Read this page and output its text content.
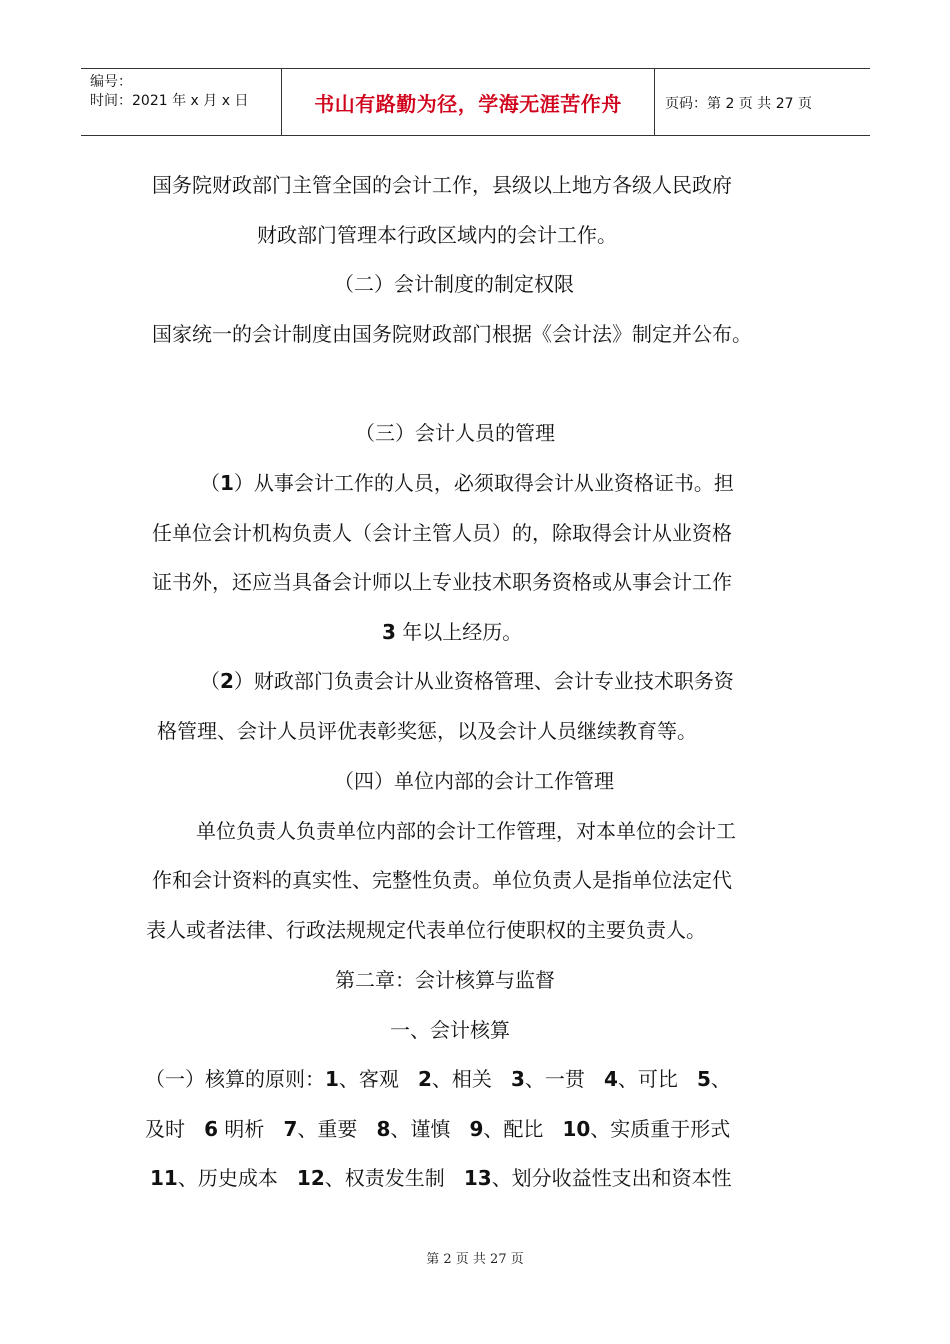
编号：
时间：2021 年 x 月 x 日	书山有路勤为径，学海无涯苦作舟	页码：第 2 页 共 27 页
国务院财政部门主管全国的会计工作，县级以上地方各级人民政府
财政部门管理本行政区域内的会计工作。
（二）会计制度的制定权限
国家统一的会计制度由国务院财政部门根据《会计法》制定并公布。
（三）会计人员的管理
（1）从事会计工作的人员，必须取得会计从业资格证书。担
任单位会计机构负责人（会计主管人员）的，除取得会计从业资格
证书外，还应当具备会计师以上专业技术职务资格或从事会计工作
3 年以上经历。
（2）财政部门负责会计从业资格管理、会计专业技术职务资
格管理、会计人员评优表彰奖惩，以及会计人员继续教育等。
（四）单位内部的会计工作管理
单位负责人负责单位内部的会计工作管理，对本单位的会计工
作和会计资料的真实性、完整性负责。单位负责人是指单位法定代
表人或者法律、行政法规规定代表单位行使职权的主要负责人。
第二章：会计核算与监督
一、会计核算
（一）核算的原则：1、客观   2、相关   3、一贯   4、可比   5、
及时   6 明析   7、重要   8、谨慎   9、配比   10、实质重于形式
11、历史成本   12、权责发生制   13、划分收益性支出和资本性
第 2 页 共 27 页
